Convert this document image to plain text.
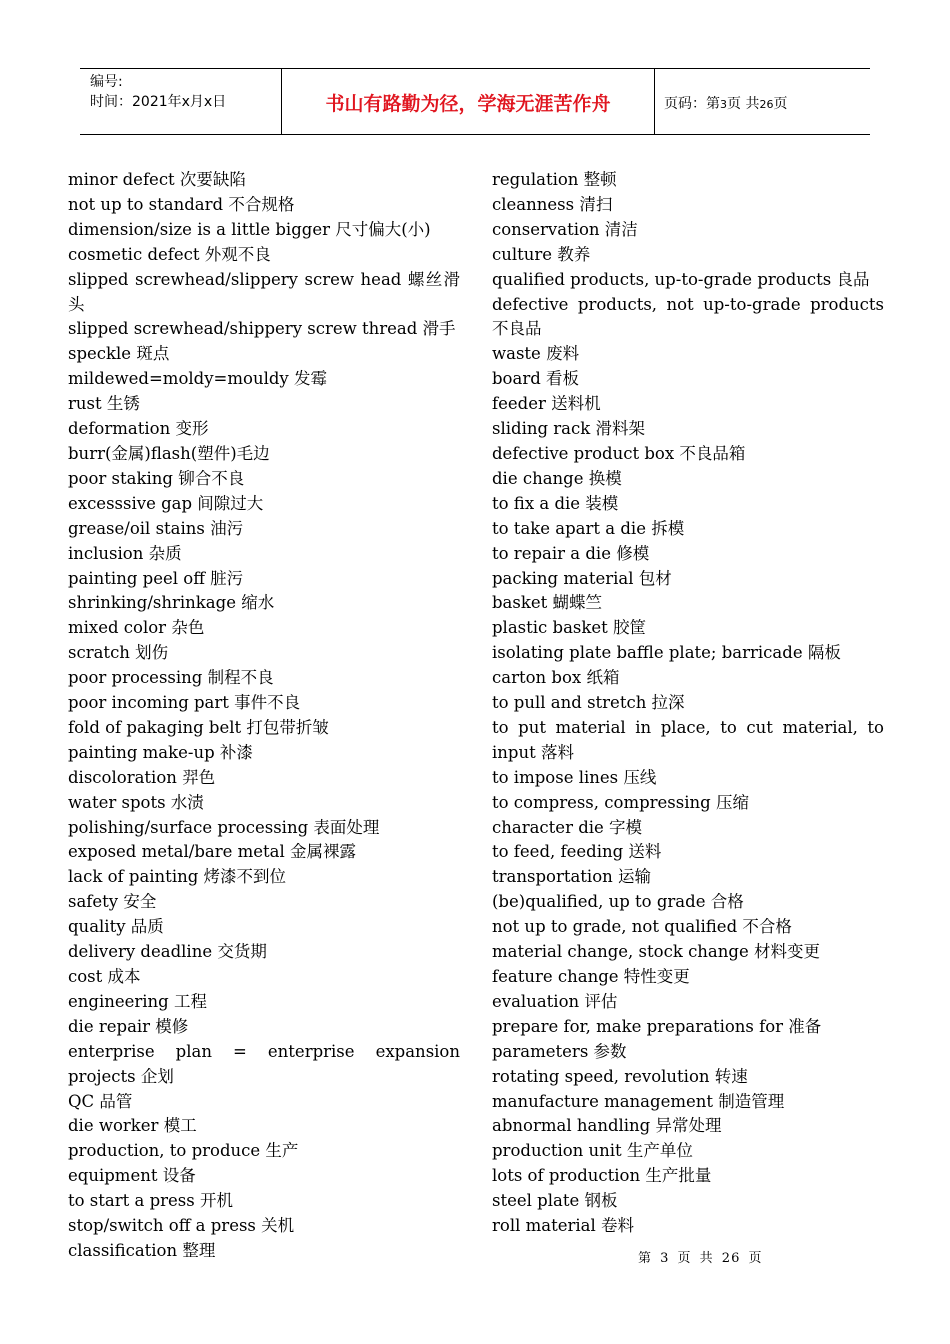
编号:
时间：2021年x月x日	书山有路勤为径，学海无涯苦作舟	页码：第3页 共26页
minor defect 次要缺陷
not up to standard 不合规格
dimension/size is a little bigger 尺寸偏大(小)
cosmetic defect 外观不良
slipped screwhead/slippery screw head 螺丝滑头
slipped screwhead/shippery screw thread 滑手
speckle 斑点
mildewed=moldy=mouldy 发霉
rust 生锈
deformation 变形
burr(金属)flash(塑件)毛边
poor staking 铆合不良
excesssive gap 间隙过大
grease/oil stains 油污
inclusion 杂质
painting peel off 脏污
shrinking/shrinkage 缩水
mixed color 杂色
scratch 划伤
poor processing 制程不良
poor incoming part 事件不良
fold of pakaging belt 打包带折皱
painting make-up 补漆
discoloration 羿色
water spots 水渍
polishing/surface processing 表面处理
exposed metal/bare metal 金属裸露
lack of painting 烤漆不到位
safety 安全
quality 品质
delivery deadline 交货期
cost 成本
engineering 工程
die repair 模修
enterprise plan = enterprise expansion projects 企划
QC 品管
die worker 模工
production, to produce 生产
equipment 设备
to start a press 开机
stop/switch off a press 关机
classification 整理
regulation 整顿
cleanness 清扫
conservation 清洁
culture 教养
qualified products, up-to-grade products 良品
defective products, not up-to-grade products 不良品
waste 废料
board 看板
feeder 送料机
sliding rack 滑料架
defective product box 不良品箱
die change 换模
to fix a die 装模
to take apart a die 拆模
to repair a die 修模
packing material 包材
basket 蝴蝶竺
plastic basket 胶筐
isolating plate baffle plate; barricade 隔板
carton box 纸箱
to pull and stretch 拉深
to put material in place, to cut material, to input 落料
to impose lines 压线
to compress, compressing 压缩
character die 字模
to feed, feeding 送料
transportation 运输
(be)qualified, up to grade 合格
not up to grade, not qualified 不合格
material change, stock change 材料变更
feature change 特性变更
evaluation 评估
prepare for, make preparations for 准备
parameters 参数
rotating speed, revolution 转速
manufacture management 制造管理
abnormal handling 异常处理
production unit 生产单位
lots of production 生产批量
steel plate 钢板
roll material 卷料
第 3 页 共 26 页
